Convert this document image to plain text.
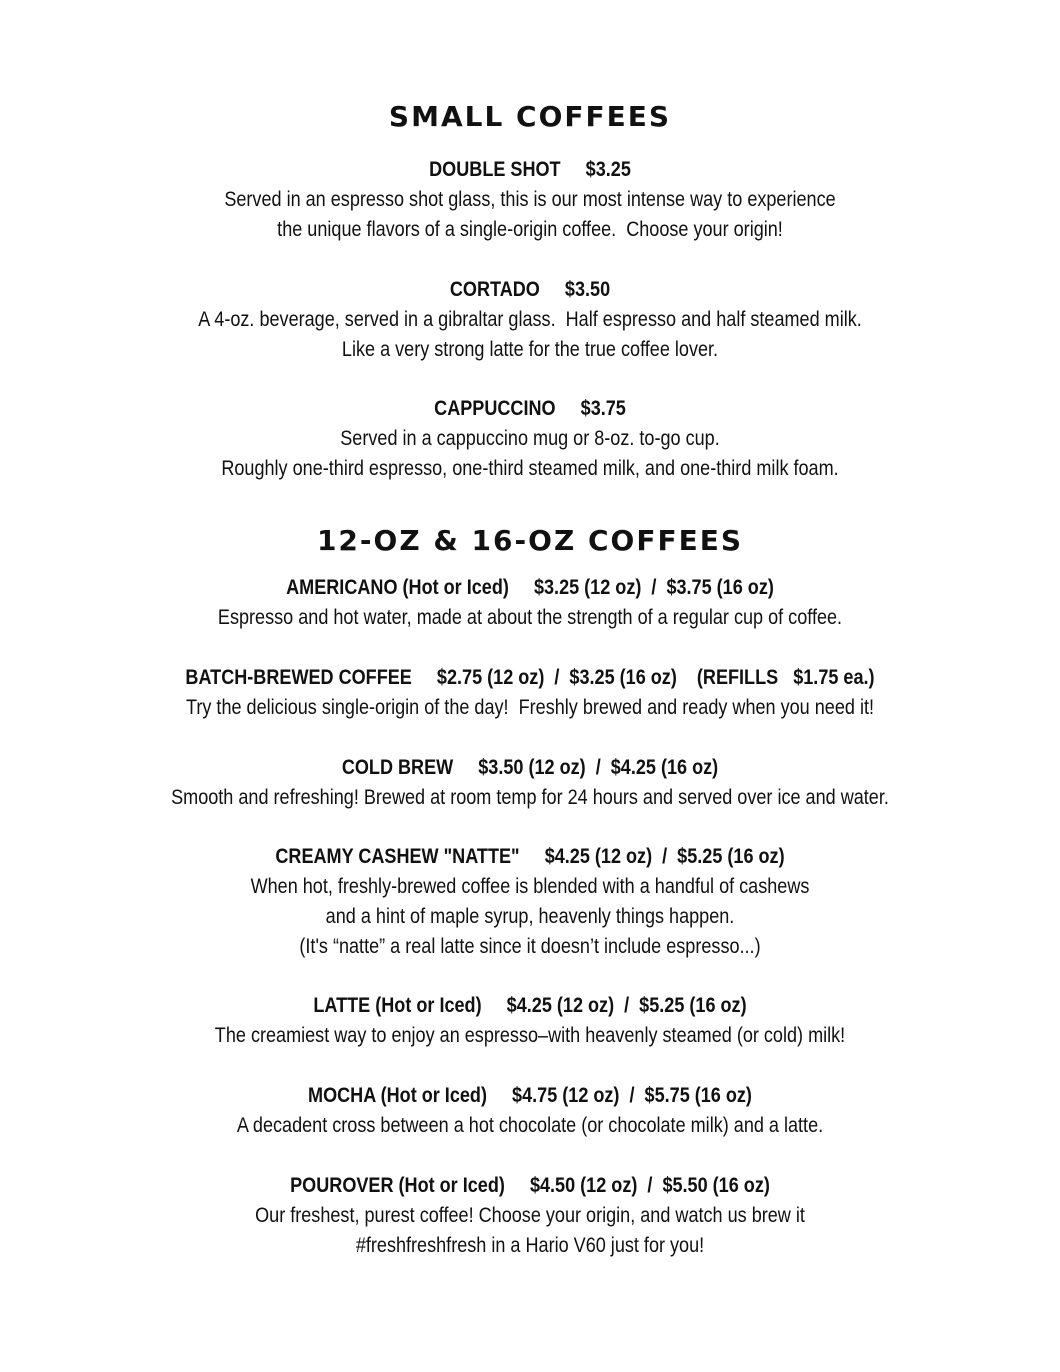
SMALL COFFEES
DOUBLE SHOT     $3.25
Served in an espresso shot glass, this is our most intense way to experience
the unique flavors of a single-origin coffee.  Choose your origin!
CORTADO     $3.50
A 4-oz. beverage, served in a gibraltar glass.  Half espresso and half steamed milk.
Like a very strong latte for the true coffee lover.
CAPPUCCINO     $3.75
Served in a cappuccino mug or 8-oz. to-go cup.
Roughly one-third espresso, one-third steamed milk, and one-third milk foam.
12-OZ & 16-OZ COFFEES
AMERICANO (Hot or Iced)     $3.25 (12 oz)  /  $3.75 (16 oz)
Espresso and hot water, made at about the strength of a regular cup of coffee.
BATCH-BREWED COFFEE     $2.75 (12 oz)  /  $3.25 (16 oz)    (REFILLS   $1.75 ea.)
Try the delicious single-origin of the day!  Freshly brewed and ready when you need it!
COLD BREW     $3.50 (12 oz)  /  $4.25 (16 oz)
Smooth and refreshing! Brewed at room temp for 24 hours and served over ice and water.
CREAMY CASHEW "NATTE"     $4.25 (12 oz)  /  $5.25 (16 oz)
When hot, freshly-brewed coffee is blended with a handful of cashews
and a hint of maple syrup, heavenly things happen.
(It's “natte” a real latte since it doesn’t include espresso...)
LATTE (Hot or Iced)     $4.25 (12 oz)  /  $5.25 (16 oz)
The creamiest way to enjoy an espresso–with heavenly steamed (or cold) milk!
MOCHA (Hot or Iced)     $4.75 (12 oz)  /  $5.75 (16 oz)
A decadent cross between a hot chocolate (or chocolate milk) and a latte.
POUROVER (Hot or Iced)     $4.50 (12 oz)  /  $5.50 (16 oz)
Our freshest, purest coffee! Choose your origin, and watch us brew it
#freshfreshfresh in a Hario V60 just for you!
